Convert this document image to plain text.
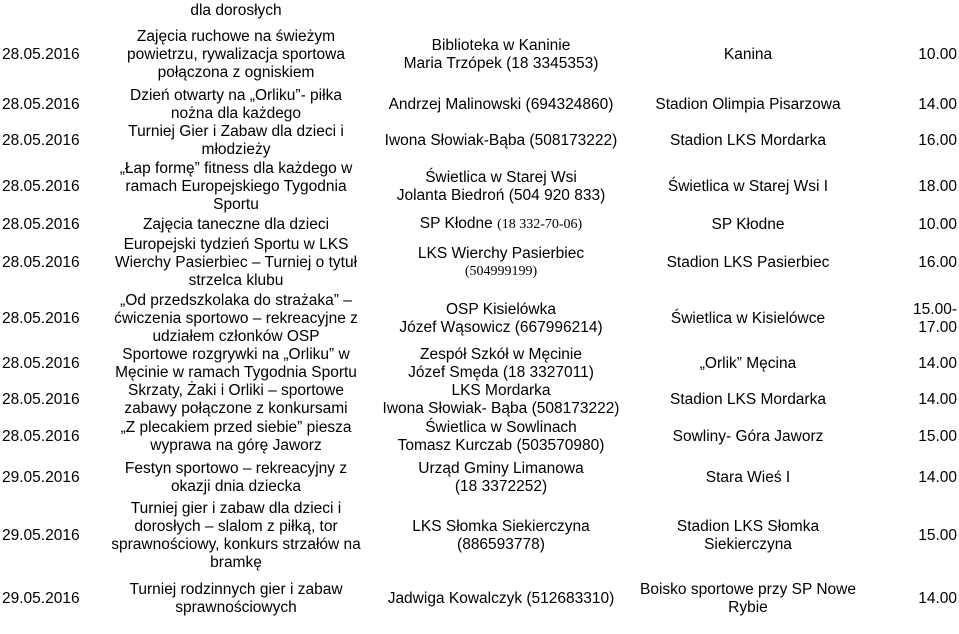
	dla dorosłych			
28.05.2016	Zajęcia ruchowe na świeżym
powietrzu, rywalizacja sportowa
połączona z ogniskiem	Biblioteka w Kaninie
Maria Trzópek (18 3345353)	Kanina	10.00

28.05.2016	Dzień otwarty na „Orliku”- piłka
nożna dla każdego	Andrzej Malinowski (694324860)	Stadion Olimpia Pisarzowa	14.00

28.05.2016	Turniej Gier i Zabaw dla dzieci i
młodzieży	Iwona Słowiak-Bąba (508173222)	Stadion LKS Mordarka	16.00

28.05.2016	„Łap formę” fitness dla każdego w
ramach Europejskiego Tygodnia
Sportu	Świetlica w Starej Wsi
Jolanta Biedroń (504 920 833)	Świetlica w Starej Wsi I	18.00

28.05.2016	Zajęcia taneczne dla dzieci	SP Kłodne (18 332-70-06)	SP Kłodne	10.00

28.05.2016	Europejski tydzień Sportu w LKS
Wierchy Pasierbiec – Turniej o tytuł
strzelca klubu	LKS Wierchy Pasierbiec
(504999199)	Stadion LKS Pasierbiec	16.00

28.05.2016	„Od przedszkolaka do strażaka” –
ćwiczenia sportowo – rekreacyjne z
udziałem członków OSP	OSP Kisielówka
Józef Wąsowicz (667996214)	Świetlica w Kisielówce	15.00-
17.00

28.05.2016	Sportowe rozgrywki na „Orliku” w
Męcinie w ramach Tygodnia Sportu	Zespół Szkół w Męcinie
Józef Smęda (18 3327011)	„Orlik” Męcina	14.00

28.05.2016	Skrzaty, Żaki i Orliki – sportowe
zabawy połączone z konkursami	LKS Mordarka
Iwona Słowiak- Bąba (508173222)	Stadion LKS Mordarka	14.00

28.05.2016	„Z plecakiem przed siebie” piesza
wyprawa na górę Jaworz	Świetlica w Sowlinach
Tomasz Kurczab (503570980)	Sowliny- Góra Jaworz	15.00

29.05.2016	Festyn sportowo – rekreacyjny z
okazji dnia dziecka	Urząd Gminy Limanowa
(18 3372252)	Stara Wieś I	14.00

29.05.2016	Turniej gier i zabaw dla dzieci i
dorosłych – slalom z piłką, tor
sprawnościowy, konkurs strzałów na
bramkę	LKS Słomka Siekierczyna
(886593778)	Stadion LKS Słomka
Siekierczyna	15.00

29.05.2016	Turniej rodzinnych gier i zabaw
sprawnościowych	Jadwiga Kowalczyk (512683310)	Boisko sportowe przy SP Nowe
Rybie	14.00
